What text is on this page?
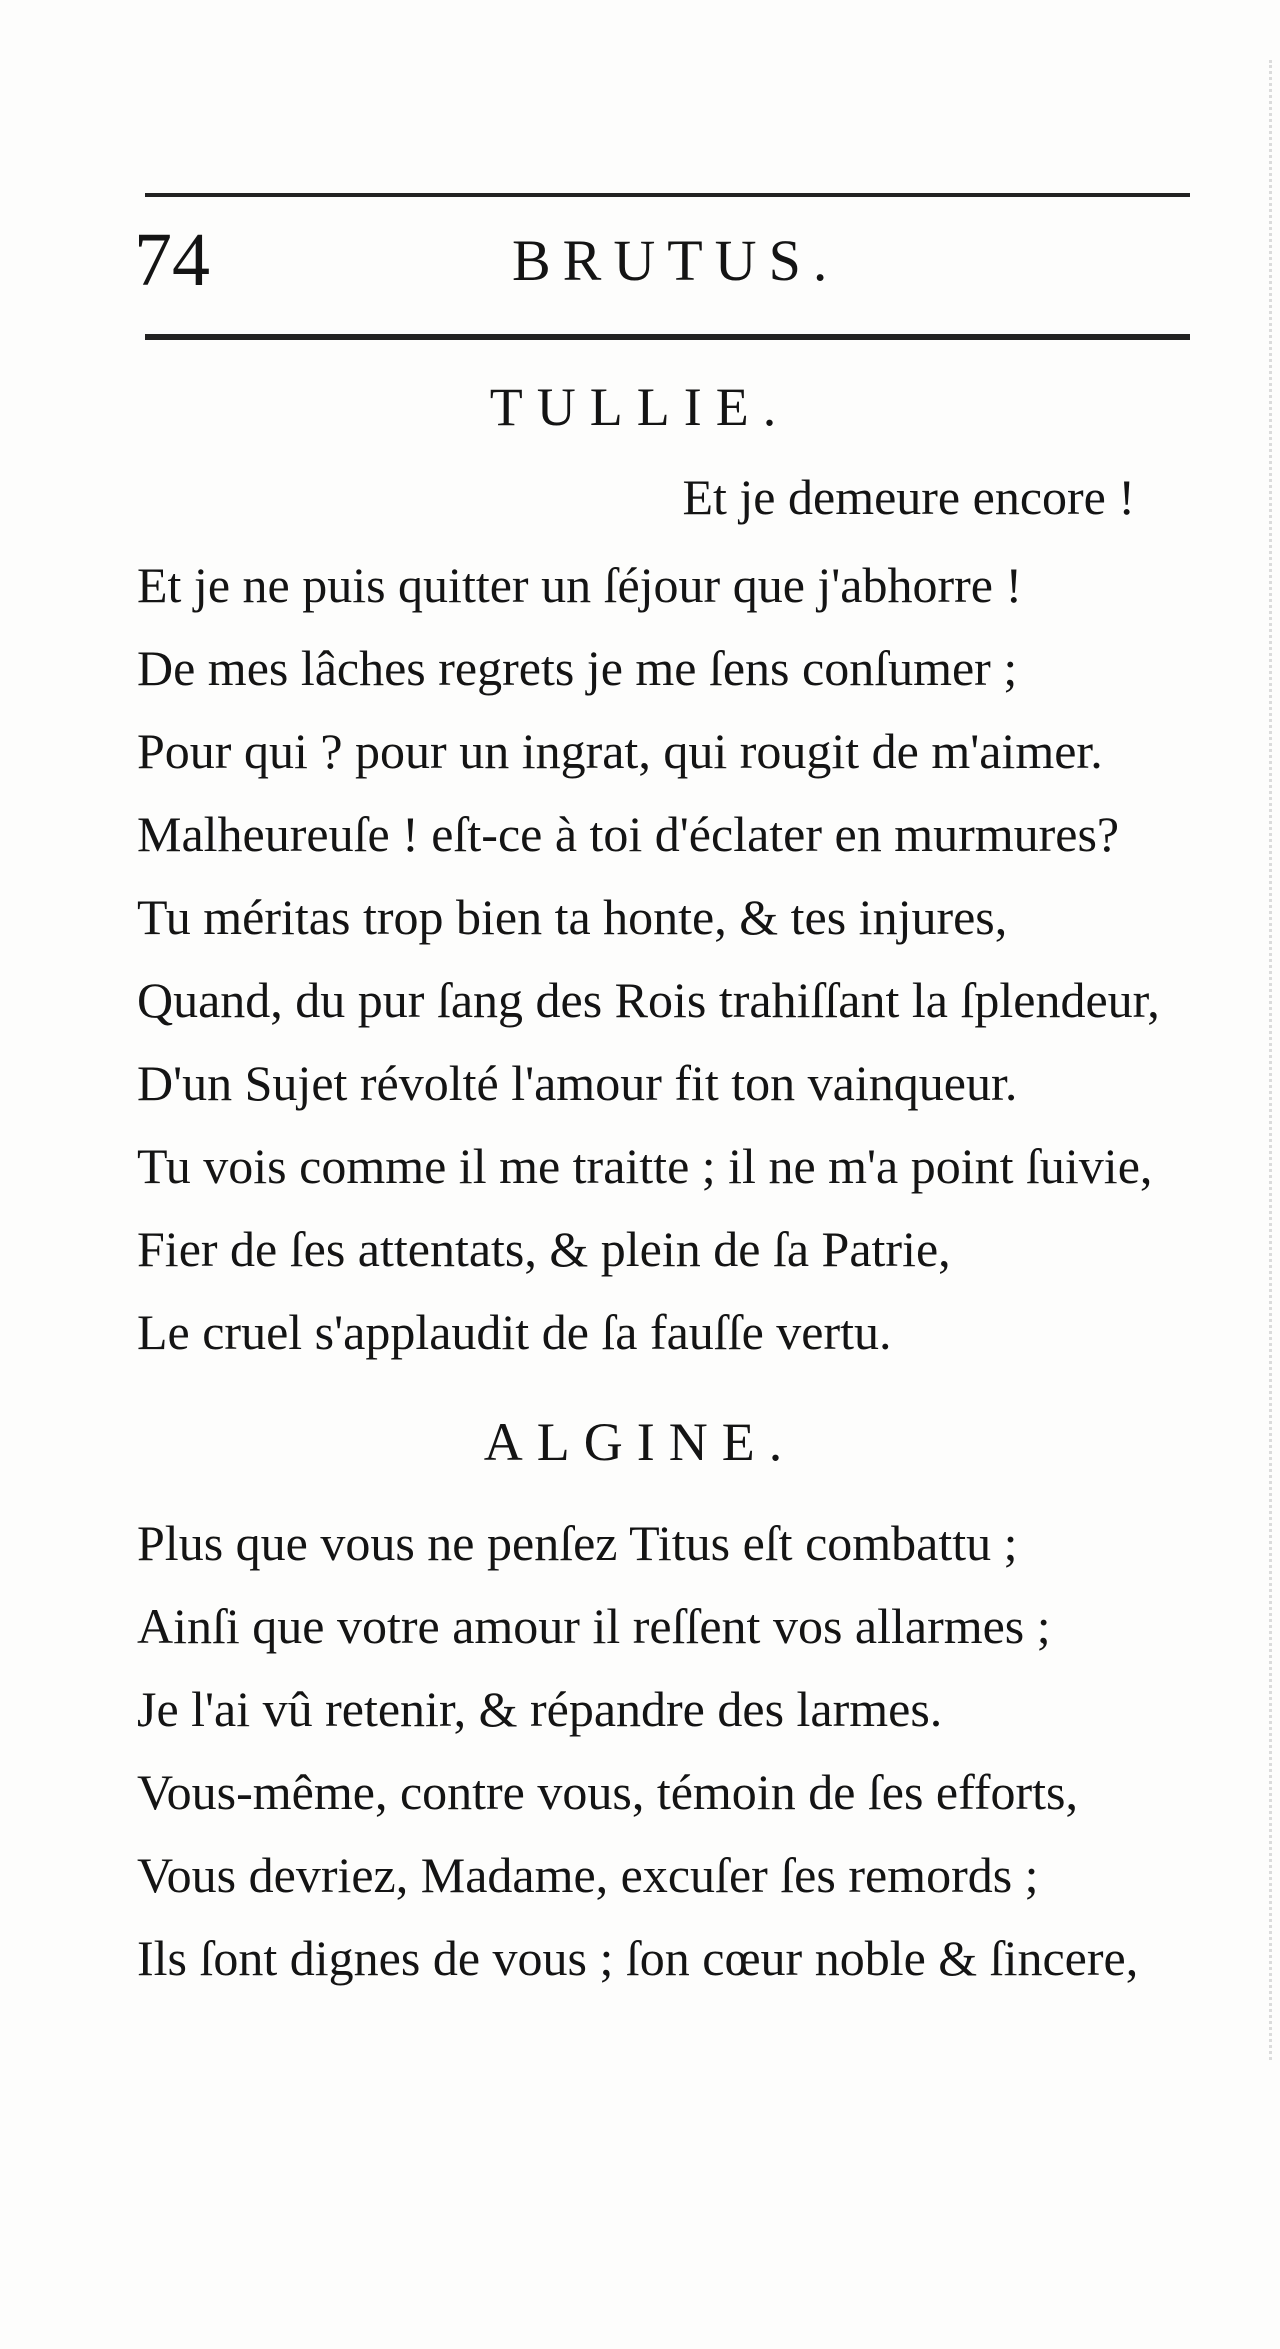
74	BRUTUS.
TULLIE.
Et je demeure encore !
Et je ne puis quitter un ſéjour que j'abhorre !
De mes lâches regrets je me ſens conſumer ;
Pour qui ? pour un ingrat, qui rougit de m'aimer.
Malheureuſe ! eſt-ce à toi d'éclater en murmures?
Tu méritas trop bien ta honte, & tes injures,
Quand, du pur ſang des Rois trahiſſant la ſplendeur,
D'un Sujet révolté l'amour fit ton vainqueur.
Tu vois comme il me traitte ; il ne m'a point ſuivie,
Fier de ſes attentats, & plein de ſa Patrie,
Le cruel s'applaudit de ſa fauſſe vertu.
ALGINE.
Plus que vous ne penſez Titus eſt combattu ;
Ainſi que votre amour il reſſent vos allarmes ;
Je l'ai vû retenir, & répandre des larmes.
Vous-même, contre vous, témoin de ſes efforts,
Vous devriez, Madame, excuſer ſes remords ;
Ils ſont dignes de vous ; ſon cœur noble & ſincere,
